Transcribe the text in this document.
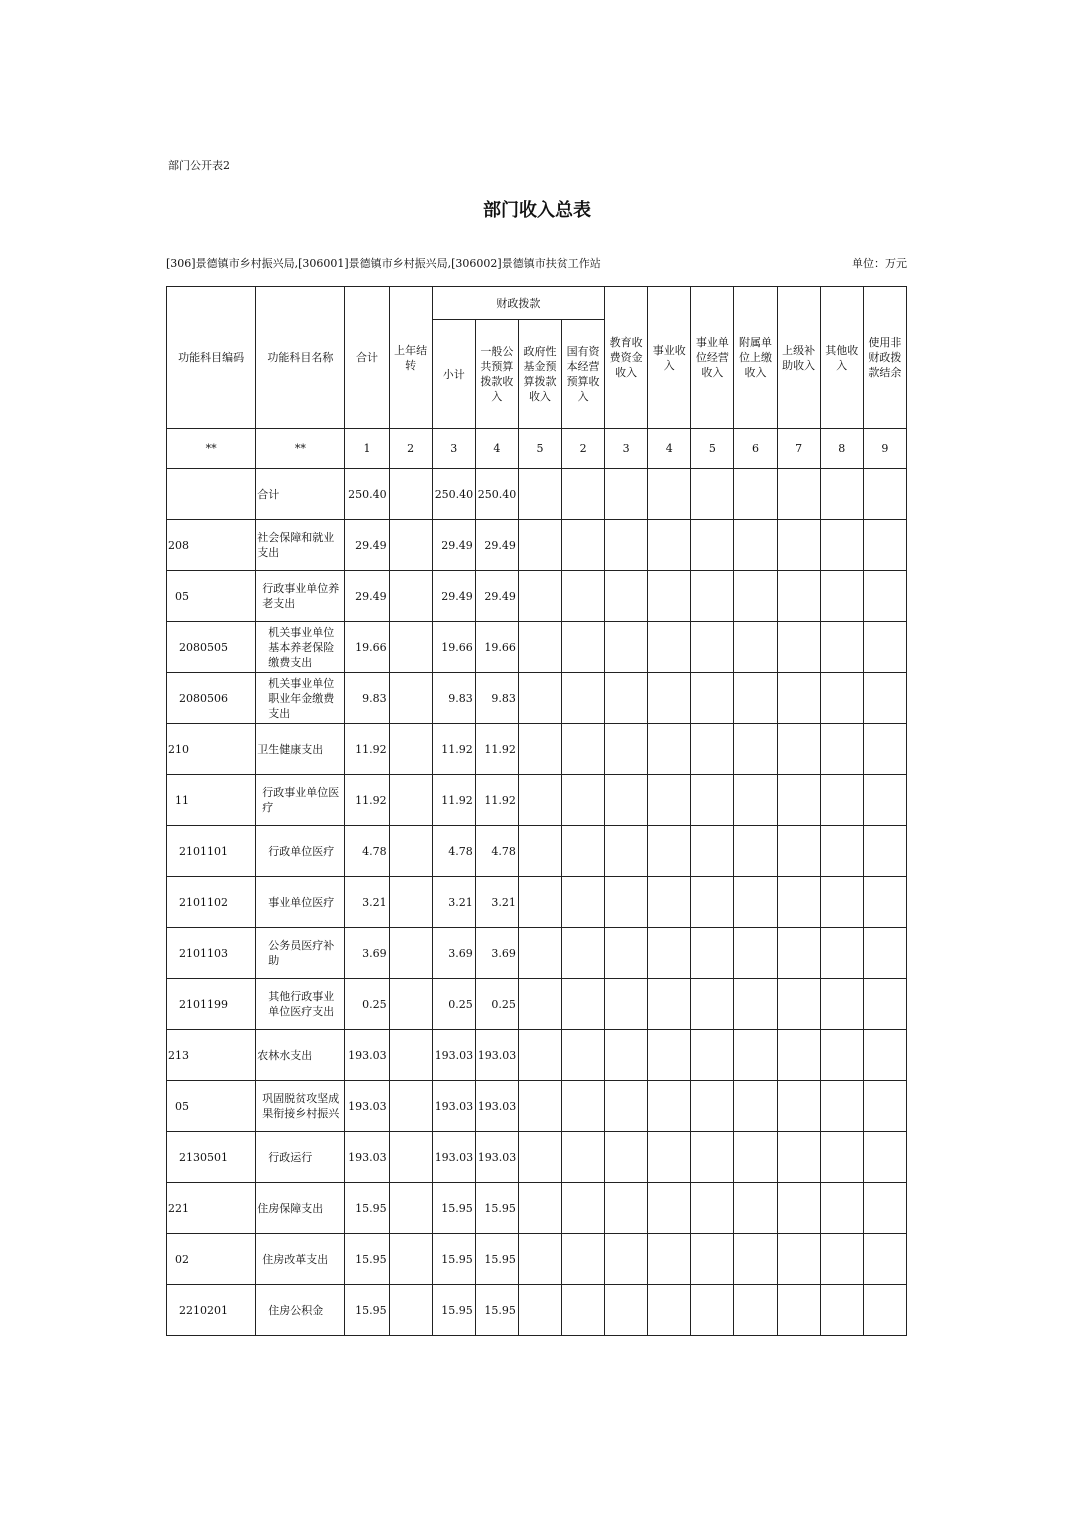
部门公开表2
部门收入总表
[306]景德镇市乡村振兴局,[306001]景德镇市乡村振兴局,[306002]景德镇市扶贫工作站	单位：万元
功能科目编码	功能科目名称	合计	上年结转	财政拨款				教育收费资金收入	事业收入	事业单位经营收入	附属单位上缴收入	上级补助收入	其他收入	使用非财政拨款结余
				小计	一般公共预算拨款收入	政府性基金预算拨款收入	国有资本经营预算收入							
**	**	1	2	3	4	5	2	3	4	5	6	7	8	9
	合计	250.40		250.40	250.40									
208	社会保障和就业支出	29.49		29.49	29.49									
05	行政事业单位养老支出	29.49		29.49	29.49									
2080505	机关事业单位基本养老保险缴费支出	19.66		19.66	19.66									
2080506	机关事业单位职业年金缴费支出	9.83		9.83	9.83									
210	卫生健康支出	11.92		11.92	11.92									
11	行政事业单位医疗	11.92		11.92	11.92									
2101101	行政单位医疗	4.78		4.78	4.78									
2101102	事业单位医疗	3.21		3.21	3.21									
2101103	公务员医疗补助	3.69		3.69	3.69									
2101199	其他行政事业单位医疗支出	0.25		0.25	0.25									
213	农林水支出	193.03		193.03	193.03									
05	巩固脱贫攻坚成果衔接乡村振兴	193.03		193.03	193.03									
2130501	行政运行	193.03		193.03	193.03									
221	住房保障支出	15.95		15.95	15.95									
02	住房改革支出	15.95		15.95	15.95									
2210201	住房公积金	15.95		15.95	15.95									
